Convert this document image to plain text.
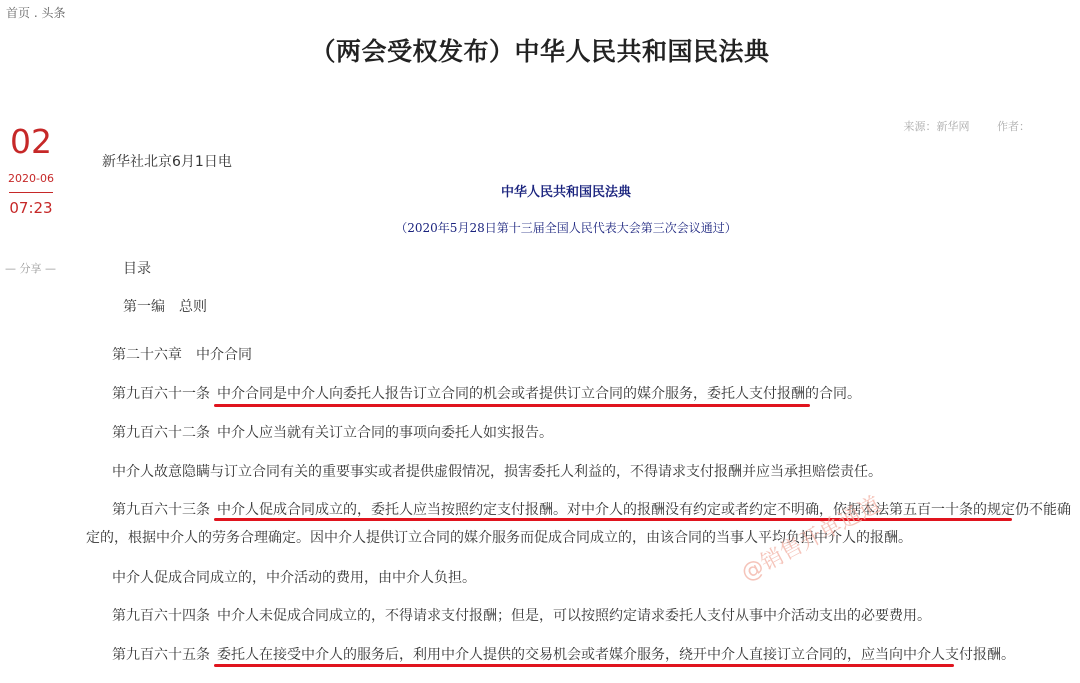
首页 . 头条
（两会受权发布）中华人民共和国民法典
02
2020-06
07:23
— 分享 —
来源：新华网	作者：
新华社北京6月1日电
中华人民共和国民法典
（2020年5月28日第十三届全国人民代表大会第三次会议通过）
目录
第一编　总则
第二十六章　中介合同
第九百六十一条 中介合同是中介人向委托人报告订立合同的机会或者提供订立合同的媒介服务，委托人支付报酬的合同。
第九百六十二条 中介人应当就有关订立合同的事项向委托人如实报告。
中介人故意隐瞒与订立合同有关的重要事实或者提供虚假情况，损害委托人利益的，不得请求支付报酬并应当承担赔偿责任。
第九百六十三条 中介人促成合同成立的，委托人应当按照约定支付报酬。对中介人的报酬没有约定或者约定不明确，依据本法第五百一十条的规定仍不能确
定的，根据中介人的劳务合理确定。因中介人提供订立合同的媒介服务而促成合同成立的，由该合同的当事人平均负担中介人的报酬。
中介人促成合同成立的，中介活动的费用，由中介人负担。
第九百六十四条 中介人未促成合同成立的，不得请求支付报酬；但是，可以按照约定请求委托人支付从事中介活动支出的必要费用。
第九百六十五条 委托人在接受中介人的服务后，利用中介人提供的交易机会或者媒介服务，绕开中介人直接订立合同的，应当向中介人支付报酬。
@销售开单通道
